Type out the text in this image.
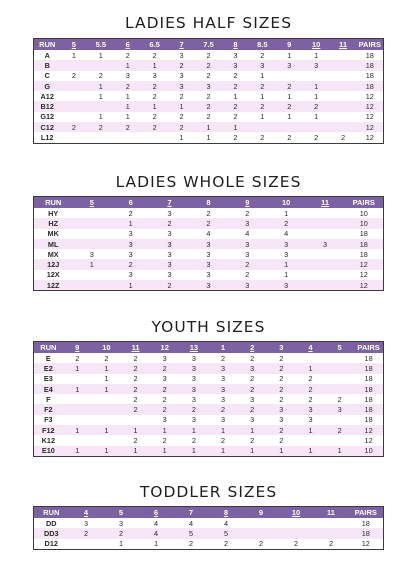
LADIES HALF SIZES
RUN	5	5.5	6	6.5	7	7.5	8	8.5	9	10	11	PAIRS
A	1	1	2	2	3	2	3	2	1	1		18
B			1	1	2	2	3	3	3	3		18
C	2	2	3	3	3	2	2	1				18
G		1	2	2	3	3	2	2	2	1		18
A12		1	1	2	2	2	1	1	1	1		12
B12			1	1	1	2	2	2	2	2		12
G12		1	1	2	2	2	2	1	1	1		12
C12	2	2	2	2	2	1	1					12
L12					1	1	2	2	2	2	2	12
LADIES WHOLE SIZES
RUN	5	6	7	8	9	10	11	PAIRS
HY		2	3	2	2	1		10
HZ		1	2	2	3	2		10
MK		3	3	4	4	4		18
ML		3	3	3	3	3	3	18
MX	3	3	3	3	3	3		18
12J	1	2	3	3	2	1		12
12X		3	3	3	2	1		12
12Z		1	2	3	3	3		12
YOUTH SIZES
RUN	9	10	11	12	13	1	2	3	4	5	PAIRS
E	2	2	2	3	3	2	2	2			18
E2	1	1	2	2	3	3	3	2	1		18
E3		1	2	3	3	3	2	2	2		18
E4	1	1	2	2	3	3	2	2	2		18
F			2	2	3	3	3	2	2	2	18
F2			2	2	2	2	2	3	3	3	18
F3				3	3	3	3	3	3		18
F12	1	1	1	1	1	1	1	2	1	2	12
K12			2	2	2	2	2	2			12
E10	1	1	1	1	1	1	1	1	1	1	10
TODDLER SIZES
RUN	4	5	6	7	8	9	10	11	PAIRS
DD	3	3	4	4	4				18
DD3	2	2	4	5	5				18
D12		1	1	2	2	2	2	2	12
